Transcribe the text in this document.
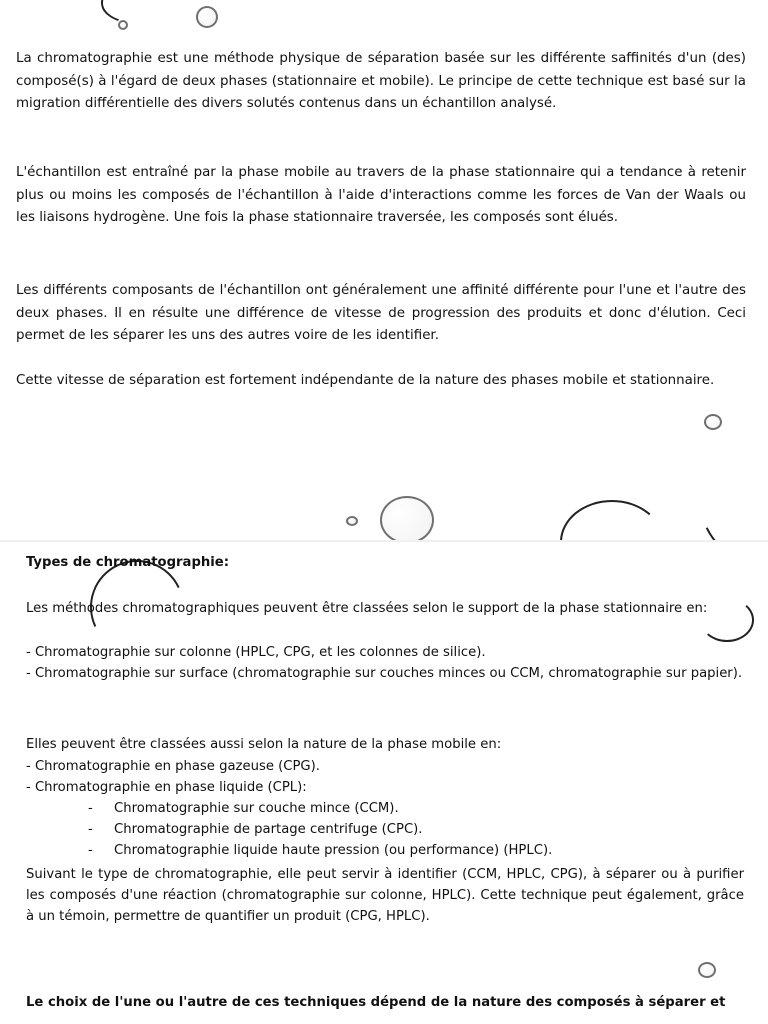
La chromatographie est une méthode physique de séparation basée sur les différente saffinités d'un (des) composé(s) à l'égard de deux phases (stationnaire et mobile). Le principe de cette technique est basé sur la migration différentielle des divers solutés contenus dans un échantillon analysé.

L'échantillon est entraîné par la phase mobile au travers de la phase stationnaire qui a tendance à retenir plus ou moins les composés de l'échantillon à l'aide d'interactions comme les forces de Van der Waals ou les liaisons hydrogène. Une fois la phase stationnaire traversée, les composés sont élués.

Les différents composants de l'échantillon ont généralement une affinité différente pour l'une et l'autre des deux phases. Il en résulte une différence de vitesse de progression des produits et donc d'élution. Ceci permet de les séparer les uns des autres voire de les identifier.

Cette vitesse de séparation est fortement indépendante de la nature des phases mobile et stationnaire.

Types de chromatographie:

Les méthodes chromatographiques peuvent être classées selon le support de la phase stationnaire en:

- Chromatographie sur colonne (HPLC, CPG, et les colonnes de silice).
- Chromatographie sur surface (chromatographie sur couches minces ou CCM, chromatographie sur papier).

Elles peuvent être classées aussi selon la nature de la phase mobile en:

- Chromatographie en phase gazeuse (CPG).
- Chromatographie en phase liquide (CPL):
- Chromatographie sur couche mince (CCM).
- Chromatographie de partage centrifuge (CPC).
- Chromatographie liquide haute pression (ou performance) (HPLC).

Suivant le type de chromatographie, elle peut servir à identifier (CCM, HPLC, CPG), à séparer ou à purifier les composés d'une réaction (chromatographie sur colonne, HPLC). Cette technique peut également, grâce à un témoin, permettre de quantifier un produit (CPG, HPLC).

Le choix de l'une ou l'autre de ces techniques dépend de la nature des composés à séparer et
